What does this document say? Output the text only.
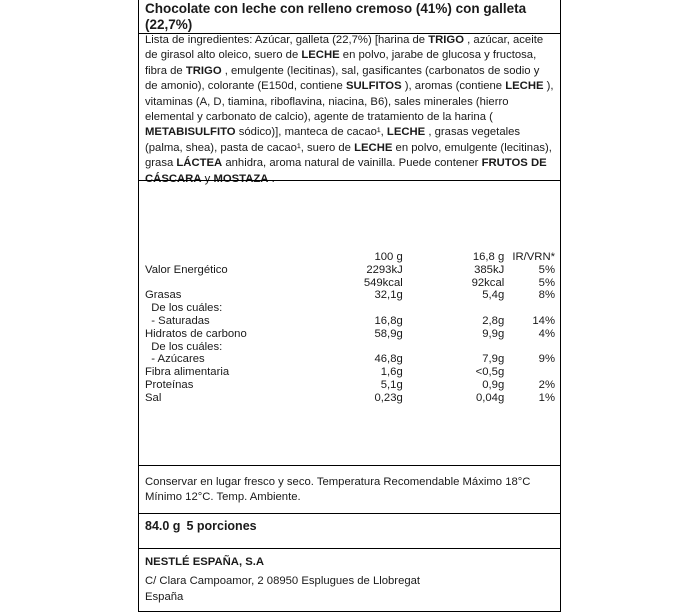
Chocolate con leche con relleno cremoso (41%) con galleta (22,7%)
Lista de ingredientes: Azúcar, galleta (22,7%) [harina de TRIGO , azúcar, aceite de girasol alto oleico, suero de LECHE en polvo, jarabe de glucosa y fructosa, fibra de TRIGO , emulgente (lecitinas), sal, gasificantes (carbonatos de sodio y de amonio), colorante (E150d, contiene SULFITOS ), aromas (contiene LECHE ), vitaminas (A, D, tiamina, riboflavina, niacina, B6), sales minerales (hierro elemental y carbonato de calcio), agente de tratamiento de la harina ( METABISULFITO sódico)], manteca de cacao¹, LECHE , grasas vegetales (palma, shea), pasta de cacao¹, suero de LECHE en polvo, emulgente (lecitinas), grasa LÁCTEA anhidra, aroma natural de vainilla. Puede contener FRUTOS DE CÁSCARA y MOSTAZA .
	100 g	16,8 g	IR/VRN*
Valor Energético	2293kJ	385kJ	5%
	549kcal	92kcal	5%
Grasas	32,1g	5,4g	8%
De los cuáles:			
- Saturadas	16,8g	2,8g	14%
Hidratos de carbono	58,9g	9,9g	4%
De los cuáles:			
- Azúcares	46,8g	7,9g	9%
Fibra alimentaria	1,6g	<0,5g	
Proteínas	5,1g	0,9g	2%
Sal	0,23g	0,04g	1%
Conservar en lugar fresco y seco. Temperatura Recomendable Máximo 18°C Mínimo 12°C. Temp. Ambiente.
84.0 g 5 porciones
NESTLÉ ESPAÑA, S.A
C/ Clara Campoamor, 2 08950 Esplugues de Llobregat
España
